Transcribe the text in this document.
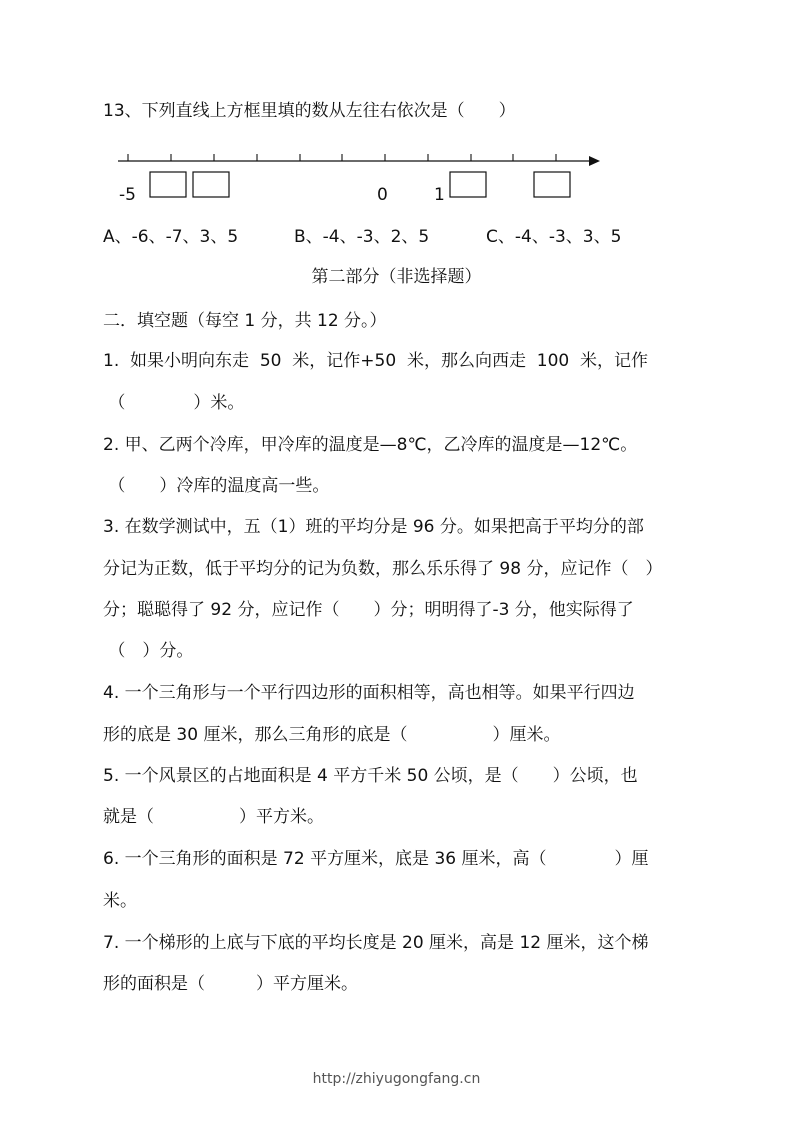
13、下列直线上方框里填的数从左往右依次是（　　）
-5	0	1
A、-6、-7、3、5	B、-4、-3、2、5	C、-4、-3、3、5
第二部分（非选择题）
二．填空题（每空 1 分，共 12 分。）
1.  如果小明向东走  50  米，记作+50  米，那么向西走  100  米，记作
（　　　　）米。
2. 甲、乙两个冷库，甲冷库的温度是—8℃，乙冷库的温度是—12℃。
（　　）冷库的温度高一些。
3. 在数学测试中，五（1）班的平均分是 96 分。如果把高于平均分的部
分记为正数，低于平均分的记为负数，那么乐乐得了 98 分，应记作（　）
分；聪聪得了 92 分，应记作（　　）分；明明得了-3 分，他实际得了
（　）分。
4. 一个三角形与一个平行四边形的面积相等，高也相等。如果平行四边
形的底是 30 厘米，那么三角形的底是（　　　　　）厘米。
5. 一个风景区的占地面积是 4 平方千米 50 公顷，是（　　）公顷，也
就是（　　　　　）平方米。
6. 一个三角形的面积是 72 平方厘米，底是 36 厘米，高（　　　　）厘
米。
7. 一个梯形的上底与下底的平均长度是 20 厘米，高是 12 厘米，这个梯
形的面积是（　　　）平方厘米。
http://zhiyugongfang.cn
